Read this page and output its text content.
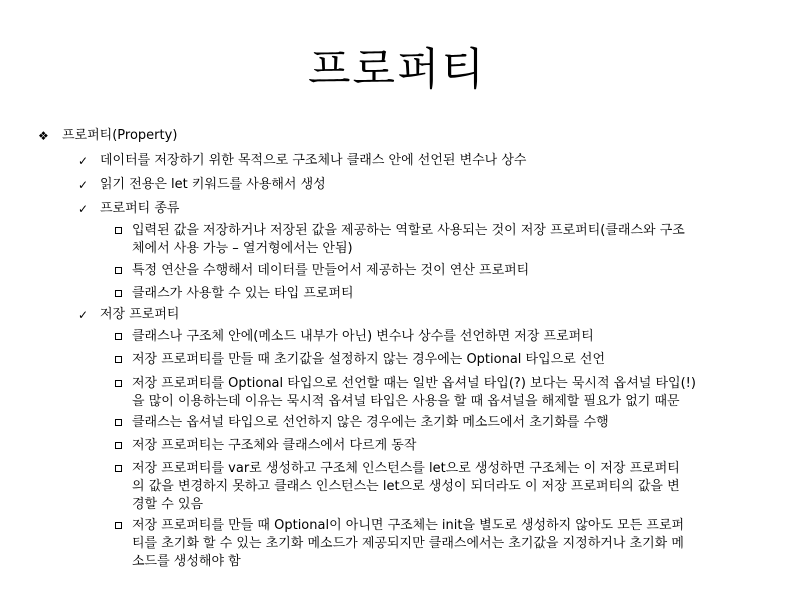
프로퍼티
❖ 프로퍼티(Property)
✓ 데이터를 저장하기 위한 목적으로 구조체나 클래스 안에 선언된 변수나 상수
✓ 읽기 전용은 let 키워드를 사용해서 생성
✓ 프로퍼티 종류
입력된 값을 저장하거나 저장된 값을 제공하는 역할로 사용되는 것이 저장 프로퍼티(클래스와 구조
체에서 사용 가능 – 열거형에서는 안됨)
특정 연산을 수행해서 데이터를 만들어서 제공하는 것이 연산 프로퍼티
클래스가 사용할 수 있는 타입 프로퍼티
✓ 저장 프로퍼티
클래스나 구조체 안에(메소드 내부가 아닌) 변수나 상수를 선언하면 저장 프로퍼티
저장 프로퍼티를 만들 때 초기값을 설정하지 않는 경우에는 Optional 타입으로 선언
저장 프로퍼티를 Optional 타입으로 선언할 때는 일반 옵셔널 타입(?) 보다는 묵시적 옵셔널 타입(!)
을 많이 이용하는데 이유는 묵시적 옵셔널 타입은 사용을 할 때 옵셔널을 해제할 필요가 없기 때문
클래스는 옵셔널 타입으로 선언하지 않은 경우에는 초기화 메소드에서 초기화를 수행
저장 프로퍼티는 구조체와 클래스에서 다르게 동작
저장 프로퍼티를 var로 생성하고 구조체 인스턴스를 let으로 생성하면 구조체는 이 저장 프로퍼티
의 값을 변경하지 못하고 클래스 인스턴스는 let으로 생성이 되더라도 이 저장 프로퍼티의 값을 변
경할 수 있음
저장 프로퍼티를 만들 때 Optional이 아니면 구조체는 init을 별도로 생성하지 않아도 모든 프로퍼
티를 초기화 할 수 있는 초기화 메소드가 제공되지만 클래스에서는 초기값을 지정하거나 초기화 메
소드를 생성해야 함
